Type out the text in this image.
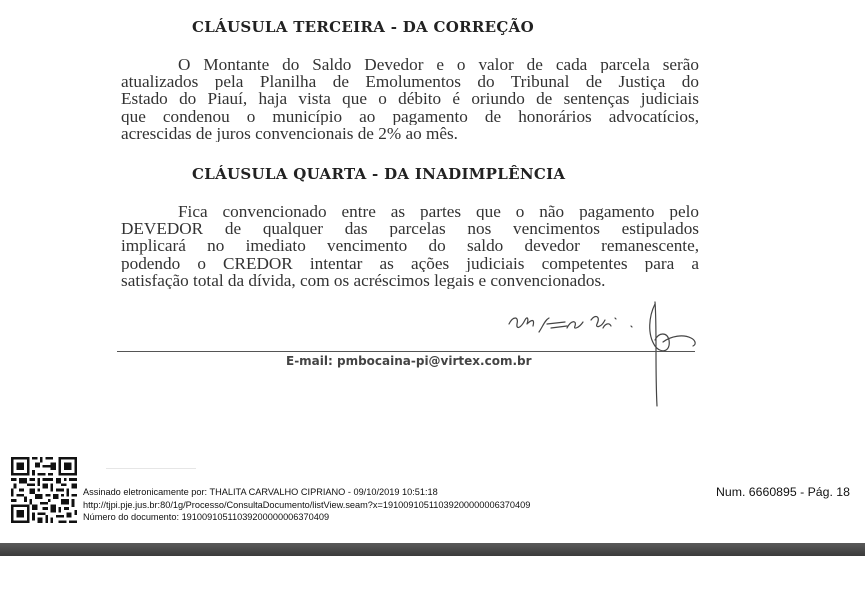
CLÁUSULA TERCEIRA - DA CORREÇÃO
O Montante do Saldo Devedor e o valor de cada parcela serão
atualizados pela Planilha de Emolumentos do Tribunal de Justiça do
Estado do Piauí, haja vista que o débito é oriundo de sentenças judiciais
que condenou o município ao pagamento de honorários advocatícios,
acrescidas de juros convencionais de 2% ao mês.
CLÁUSULA QUARTA - DA INADIMPLÊNCIA
Fica convencionado entre as partes que o não pagamento pelo
DEVEDOR de qualquer das parcelas nos vencimentos estipulados
implicará no imediato vencimento do saldo devedor remanescente,
podendo o CREDOR intentar as ações judiciais competentes para a
satisfação total da dívida, com os acréscimos legais e convencionados.
E-mail: pmbocaina-pi@virtex.com.br
Assinado eletronicamente por: THALITA CARVALHO CIPRIANO - 09/10/2019 10:51:18
http://tjpi.pje.jus.br:80/1g/Processo/ConsultaDocumento/listView.seam?x=19100910511039200000006370409
Número do documento: 19100910511039200000006370409
Num. 6660895 - Pág. 18
